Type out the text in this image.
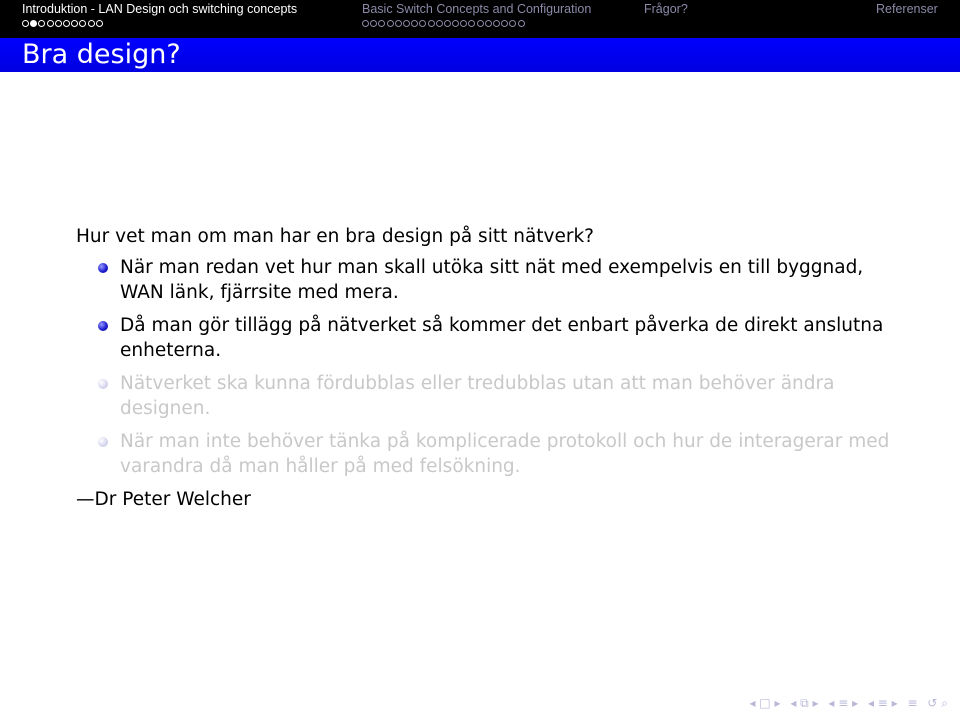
Introduktion - LAN Design och switching concepts	Basic Switch Concepts and Configuration	Frågor?	Referenser
Bra design?

Hur vet man om man har en bra design på sitt nätverk?

När man redan vet hur man skall utöka sitt nät med exempelvis en till byggnad, WAN länk, fjärrsite med mera.
Då man gör tillägg på nätverket så kommer det enbart påverka de direkt anslutna enheterna.
Nätverket ska kunna fördubblas eller tredubblas utan att man behöver ändra designen.
När man inte behöver tänka på komplicerade protokoll och hur de interagerar med varandra då man håller på med felsökning.
—Dr Peter Welcher
◂ □ ▸ ◂ ⧉ ▸ ◂ ≡ ▸ ◂ ≡ ▸ ≡ ↺ ⌕
